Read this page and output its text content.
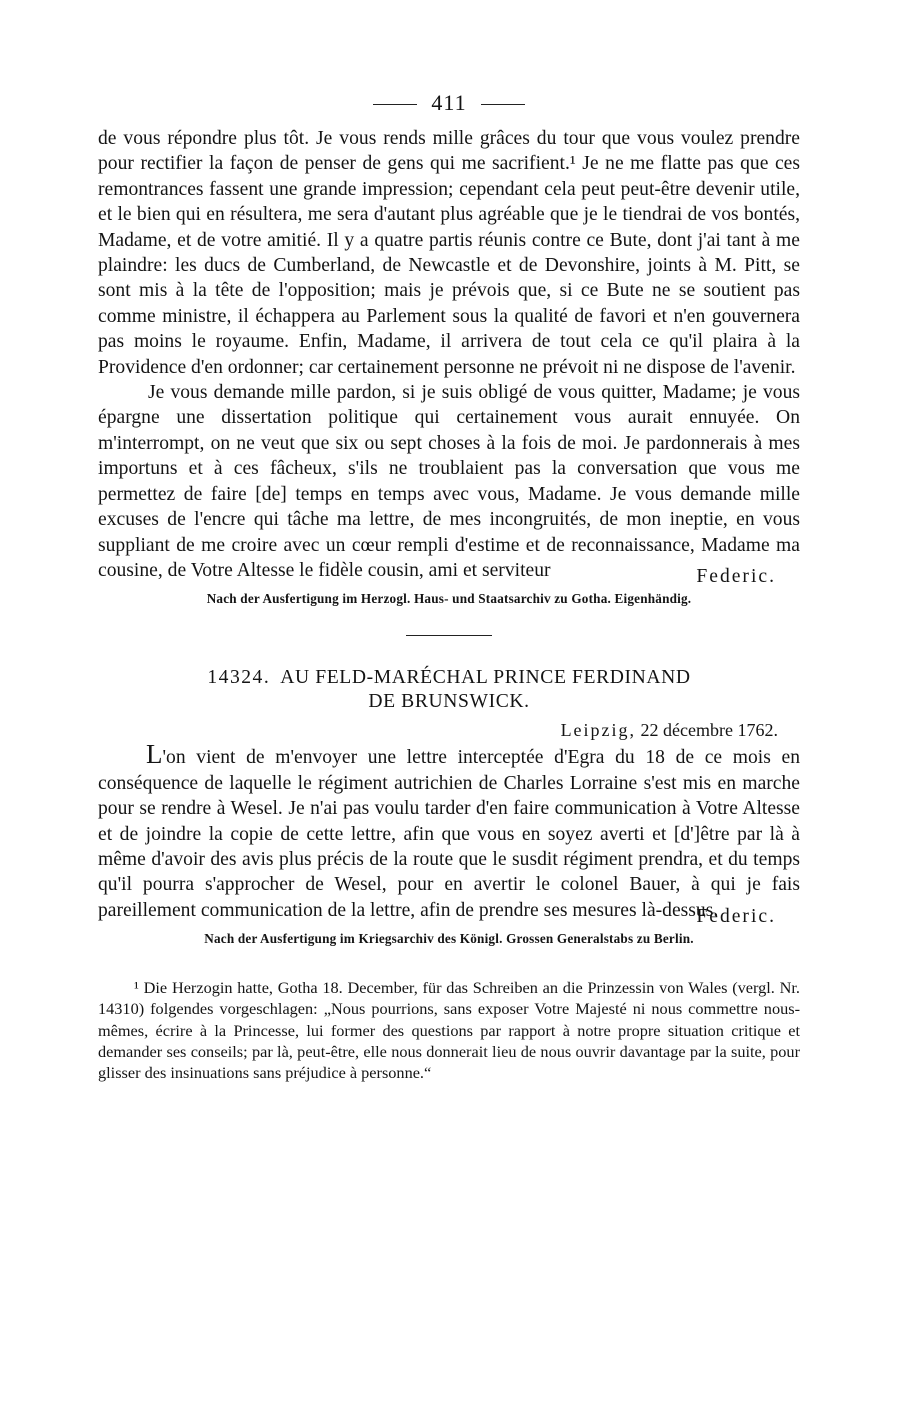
411

de vous répondre plus tôt. Je vous rends mille grâces du tour que vous voulez prendre pour rectifier la façon de penser de gens qui me sacrifient.¹ Je ne me flatte pas que ces remontrances fassent une grande impression; cependant cela peut peut-être devenir utile, et le bien qui en résultera, me sera d'autant plus agréable que je le tiendrai de vos bontés, Madame, et de votre amitié. Il y a quatre partis réunis contre ce Bute, dont j'ai tant à me plaindre: les ducs de Cumberland, de Newcastle et de Devonshire, joints à M. Pitt, se sont mis à la tête de l'opposition; mais je prévois que, si ce Bute ne se soutient pas comme ministre, il échappera au Parlement sous la qualité de favori et n'en gouvernera pas moins le royaume. Enfin, Madame, il arrivera de tout cela ce qu'il plaira à la Providence d'en ordonner; car certainement personne ne prévoit ni ne dispose de l'avenir.

Je vous demande mille pardon, si je suis obligé de vous quitter, Madame; je vous épargne une dissertation politique qui certainement vous aurait ennuyée. On m'interrompt, on ne veut que six ou sept choses à la fois de moi. Je pardonnerais à mes importuns et à ces fâcheux, s'ils ne troublaient pas la conversation que vous me permettez de faire [de] temps en temps avec vous, Madame. Je vous demande mille excuses de l'encre qui tâche ma lettre, de mes incongruités, de mon ineptie, en vous suppliant de me croire avec un cœur rempli d'estime et de reconnaissance, Madame ma cousine, de Votre Altesse le fidèle cousin, ami et serviteur	Federic.

Nach der Ausfertigung im Herzogl. Haus- und Staatsarchiv zu Gotha. Eigenhändig.

14324. AU FELD-MARÉCHAL PRINCE FERDINAND
DE BRUNSWICK.

Leipzig, 22 décembre 1762.

L'on vient de m'envoyer une lettre interceptée d'Egra du 18 de ce mois en conséquence de laquelle le régiment autrichien de Charles Lorraine s'est mis en marche pour se rendre à Wesel. Je n'ai pas voulu tarder d'en faire communication à Votre Altesse et de joindre la copie de cette lettre, afin que vous en soyez averti et [d']être par là à même d'avoir des avis plus précis de la route que le susdit régiment prendra, et du temps qu'il pourra s'approcher de Wesel, pour en avertir le colonel Bauer, à qui je fais pareillement communication de la lettre, afin de prendre ses mesures là-dessus.
Federic.

Nach der Ausfertigung im Kriegsarchiv des Königl. Grossen Generalstabs zu Berlin.

¹ Die Herzogin hatte, Gotha 18. December, für das Schreiben an die Prinzessin von Wales (vergl. Nr. 14310) folgendes vorgeschlagen: „Nous pourrions, sans exposer Votre Majesté ni nous commettre nous-mêmes, écrire à la Princesse, lui former des questions par rapport à notre propre situation critique et demander ses conseils; par là, peut-être, elle nous donnerait lieu de nous ouvrir davantage par la suite, pour glisser des insinuations sans préjudice à personne.“
